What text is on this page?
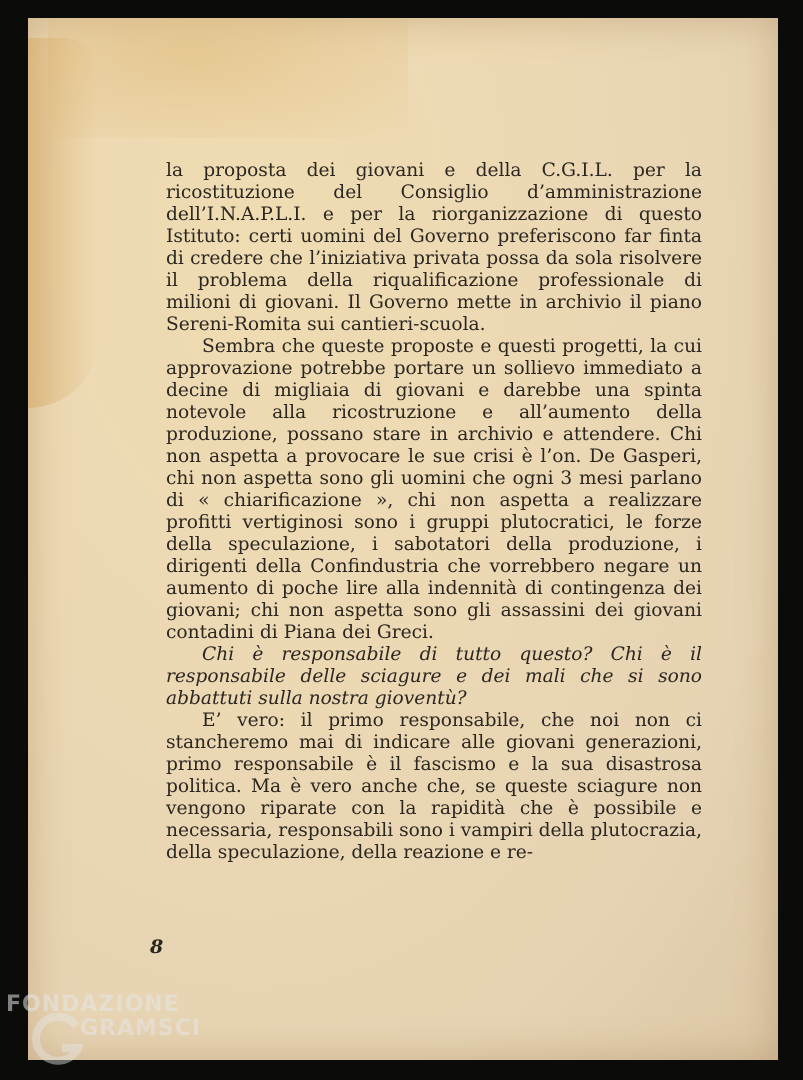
la proposta dei giovani e della C.G.I.L. per la ricostituzione del Consiglio d’amministrazione dell’I.N.A.P.L.I. e per la riorganizzazione di questo Istituto: certi uomini del Governo preferiscono far finta di credere che l’iniziativa privata possa da sola risolvere il problema della riqualificazione professionale di milioni di giovani. Il Governo mette in archivio il piano Sereni-Romita sui cantieri-scuola.

Sembra che queste proposte e questi progetti, la cui approvazione potrebbe portare un sollievo immediato a decine di migliaia di giovani e darebbe una spinta notevole alla ricostruzione e all’aumento della produzione, possano stare in archivio e attendere. Chi non aspetta a provocare le sue crisi è l’on. De Gasperi, chi non aspetta sono gli uomini che ogni 3 mesi parlano di « chiarificazione », chi non aspetta a realizzare profitti vertiginosi sono i gruppi plutocratici, le forze della speculazione, i sabotatori della produzione, i dirigenti della Confindustria che vorrebbero negare un aumento di poche lire alla indennità di contingenza dei giovani; chi non aspetta sono gli assassini dei giovani contadini di Piana dei Greci.

Chi è responsabile di tutto questo? Chi è il responsabile delle sciagure e dei mali che si sono abbattuti sulla nostra gioventù?

E’ vero: il primo responsabile, che noi non ci stancheremo mai di indicare alle giovani generazioni, primo responsabile è il fascismo e la sua disastrosa politica. Ma è vero anche che, se queste sciagure non vengono riparate con la rapidità che è possibile e necessaria, responsabili sono i vampiri della plutocrazia, della speculazione, della reazione e re-

8
FONDAZIONE
GRAMSCI
